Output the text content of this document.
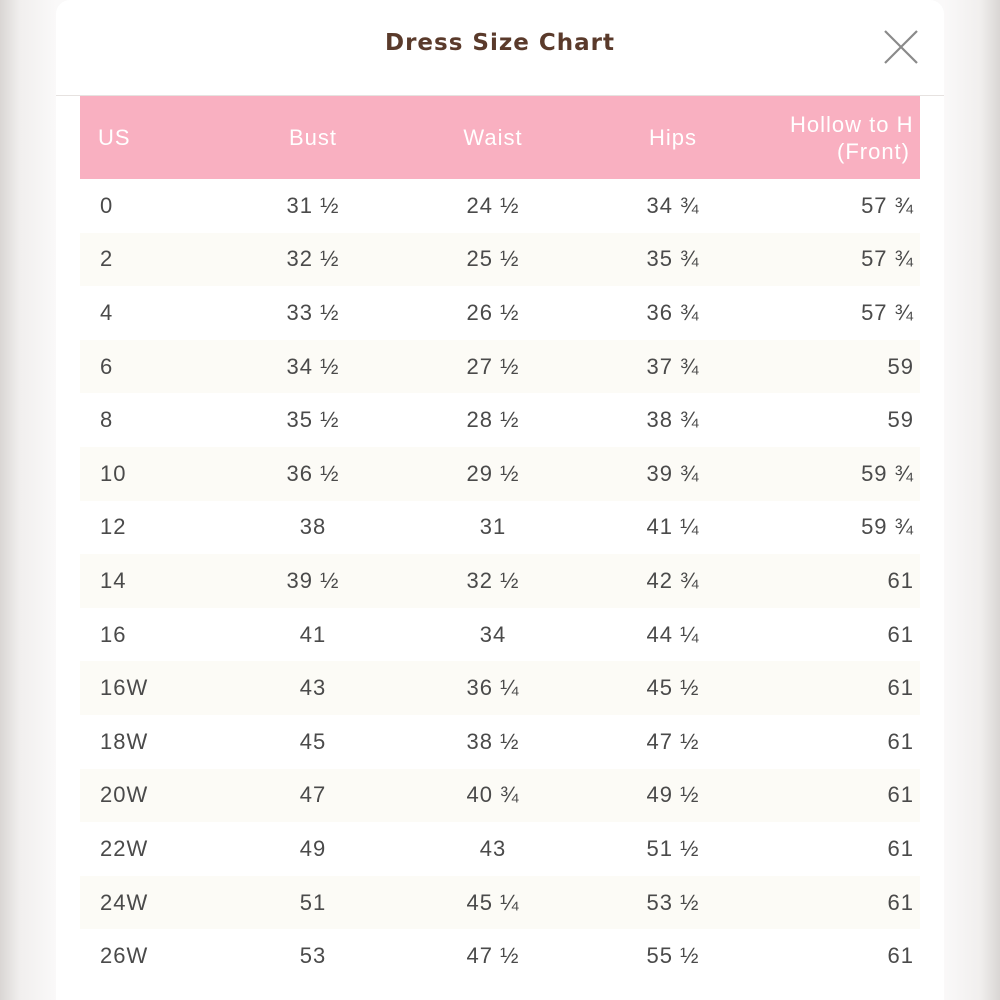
Dress Size Chart
US	Bust	Waist	Hips	Hollow to H
(Front)

0	31 ½	24 ½	34 ¾	57 ¾
2	32 ½	25 ½	35 ¾	57 ¾
4	33 ½	26 ½	36 ¾	57 ¾
6	34 ½	27 ½	37 ¾	59
8	35 ½	28 ½	38 ¾	59
10	36 ½	29 ½	39 ¾	59 ¾
12	38	31	41 ¼	59 ¾
14	39 ½	32 ½	42 ¾	61
16	41	34	44 ¼	61
16W	43	36 ¼	45 ½	61
18W	45	38 ½	47 ½	61
20W	47	40 ¾	49 ½	61
22W	49	43	51 ½	61
24W	51	45 ¼	53 ½	61
26W	53	47 ½	55 ½	61
